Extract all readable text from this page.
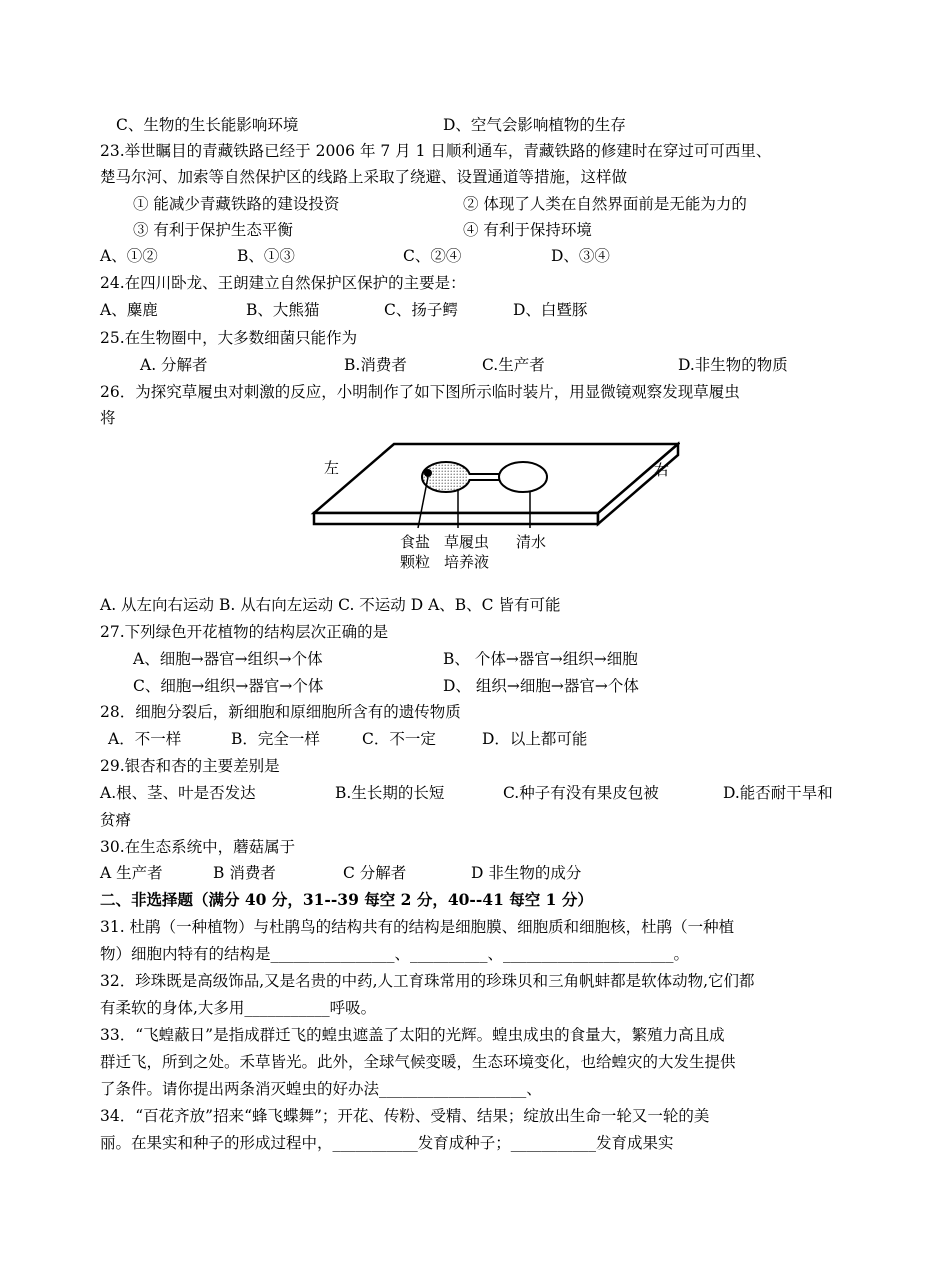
C、生物的生长能影响环境	D、空气会影响植物的生存
23.举世瞩目的青藏铁路已经于 2006 年 7 月 1 日顺利通车，青藏铁路的修建时在穿过可可西里、
楚马尔河、加索等自然保护区的线路上采取了绕避、设置通道等措施，这样做
① 能减少青藏铁路的建设投资	② 体现了人类在自然界面前是无能为力的
③ 有利于保护生态平衡	④ 有利于保持环境
A、①②	B、①③	C、②④	D、③④
24.在四川卧龙、王朗建立自然保护区保护的主要是：
A、麋鹿	B、大熊猫	C、扬子鳄	D、白暨豚
25.在生物圈中，大多数细菌只能作为
A. 分解者	B.消费者	C.生产者	D.非生物的物质
26．为探究草履虫对刺激的反应，小明制作了如下图所示临时装片，用显微镜观察发现草履虫
将
A. 从左向右运动 B. 从右向左运动 C. 不运动 D A、B、C 皆有可能
27.下列绿色开花植物的结构层次正确的是
A、细胞→器官→组织→个体	B、 个体→器官→组织→细胞
C、细胞→组织→器官→个体	D、 组织→细胞→器官→个体
28．细胞分裂后，新细胞和原细胞所含有的遗传物质
A．不一样	B．完全一样	C．不一定	D．以上都可能
29.银杏和杏的主要差别是
A.根、茎、叶是否发达	B.生长期的长短	C.种子有没有果皮包被	D.能否耐干旱和
贫瘠
30.在生态系统中，蘑菇属于
A 生产者	B 消费者	C 分解者	D 非生物的成分
二、非选择题（满分 40 分，31--39 每空 2 分，40--41 每空 1 分）
31. 杜鹃（一种植物）与杜鹃鸟的结构共有的结构是细胞膜、细胞质和细胞核，杜鹃（一种植
物）细胞内特有的结构是________________、__________、______________________。
32．珍珠既是高级饰品,又是名贵的中药,人工育珠常用的珍珠贝和三角帆蚌都是软体动物,它们都
有柔软的身体,大多用___________呼吸。
33．“飞蝗蔽日”是指成群迁飞的蝗虫遮盖了太阳的光辉。蝗虫成虫的食量大，繁殖力高且成
群迁飞，所到之处。禾草皆光。此外，全球气候变暖，生态环境变化，也给蝗灾的大发生提供
了条件。请你提出两条消灭蝗虫的好办法___________________、
34．“百花齐放”招来“蜂飞蝶舞”；开花、传粉、受精、结果；绽放出生命一轮又一轮的美
丽。在果实和种子的形成过程中，___________发育成种子；___________发育成果实
左	右
食盐
颗粒
草履虫
培养液
清水
